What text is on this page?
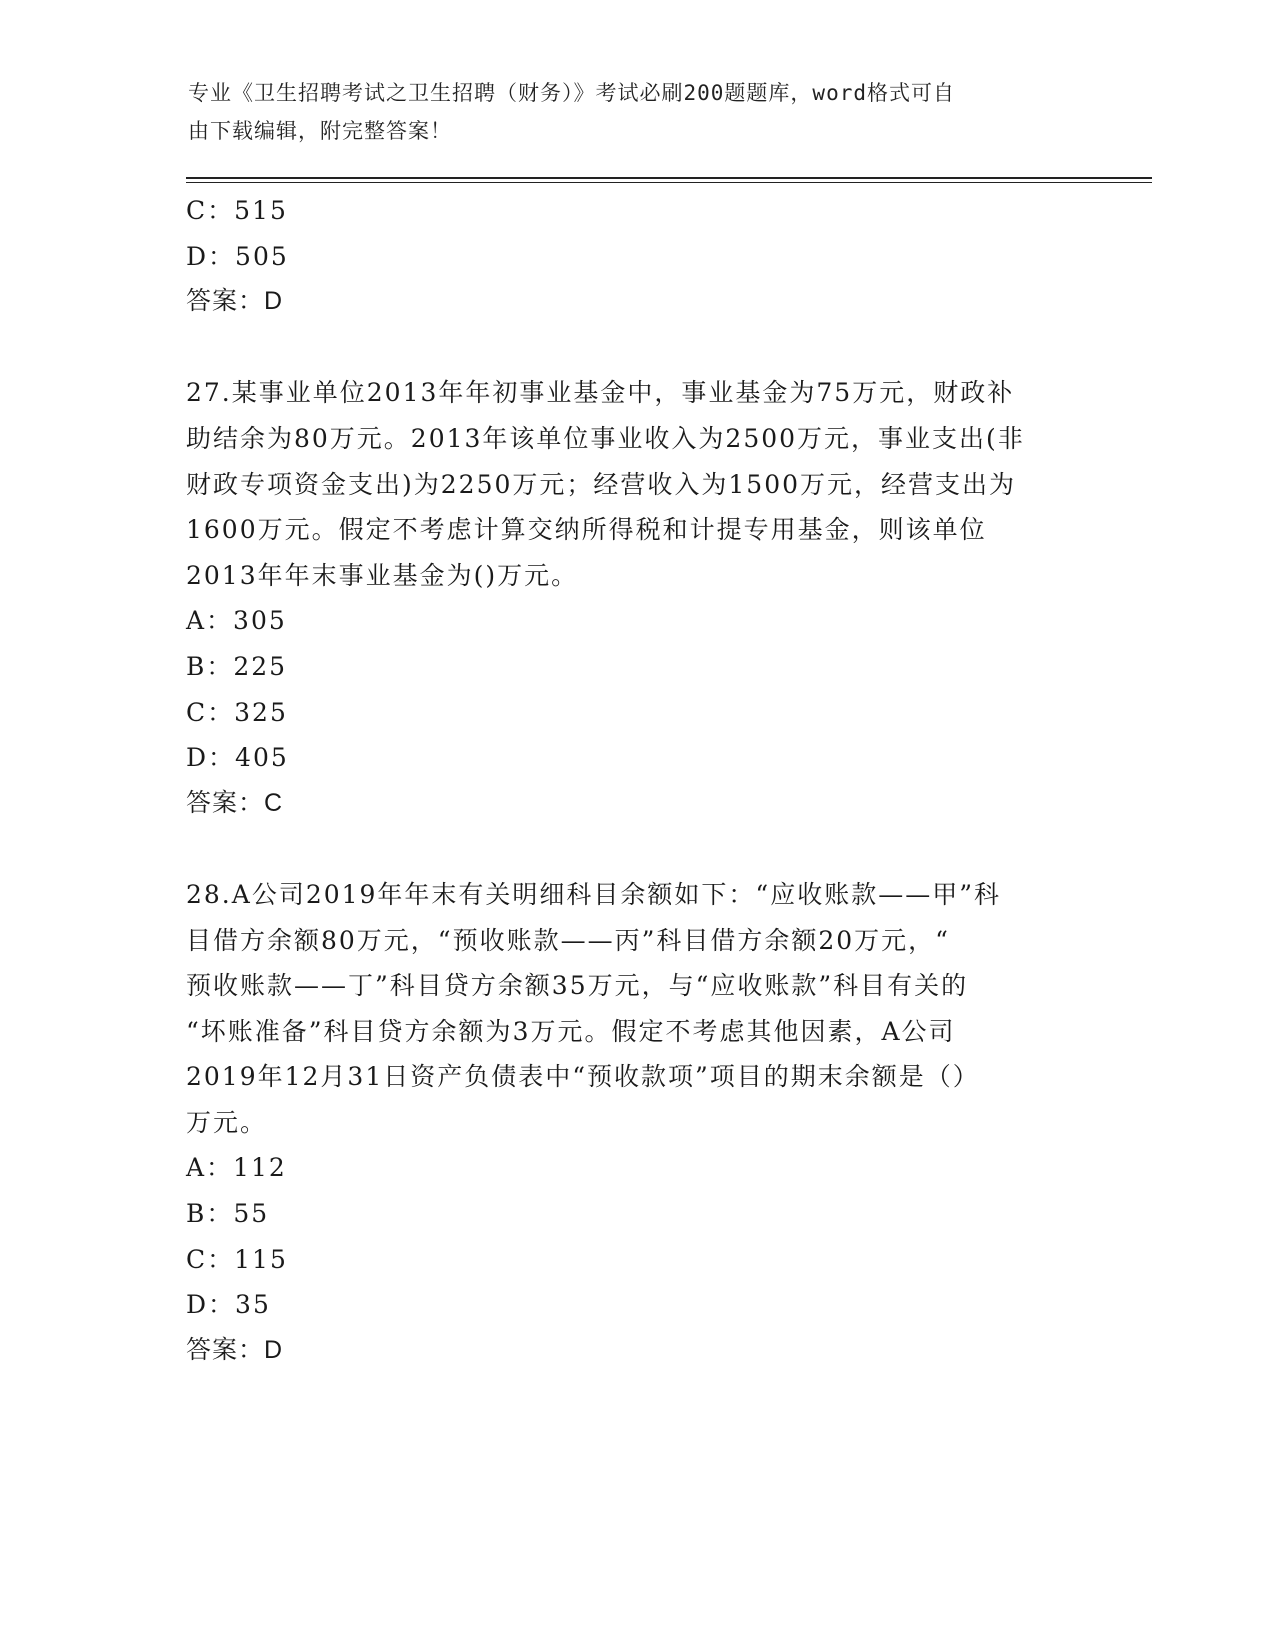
专业《卫生招聘考试之卫生招聘（财务）》考试必刷200题题库，word格式可自
由下载编辑，附完整答案！
C：515
D：505
答案：D
27.某事业单位2013年年初事业基金中，事业基金为75万元，财政补
助结余为80万元。2013年该单位事业收入为2500万元，事业支出(非
财政专项资金支出)为2250万元；经营收入为1500万元，经营支出为
1600万元。假定不考虑计算交纳所得税和计提专用基金，则该单位
2013年年末事业基金为()万元。
A：305
B：225
C：325
D：405
答案：C
28.A公司2019年年末有关明细科目余额如下：“应收账款——甲”科
目借方余额80万元，“预收账款——丙”科目借方余额20万元，“
预收账款——丁”科目贷方余额35万元，与“应收账款”科目有关的
“坏账准备”科目贷方余额为3万元。假定不考虑其他因素，A公司
2019年12月31日资产负债表中“预收款项”项目的期末余额是（）
万元。
A：112
B：55
C：115
D：35
答案：D
